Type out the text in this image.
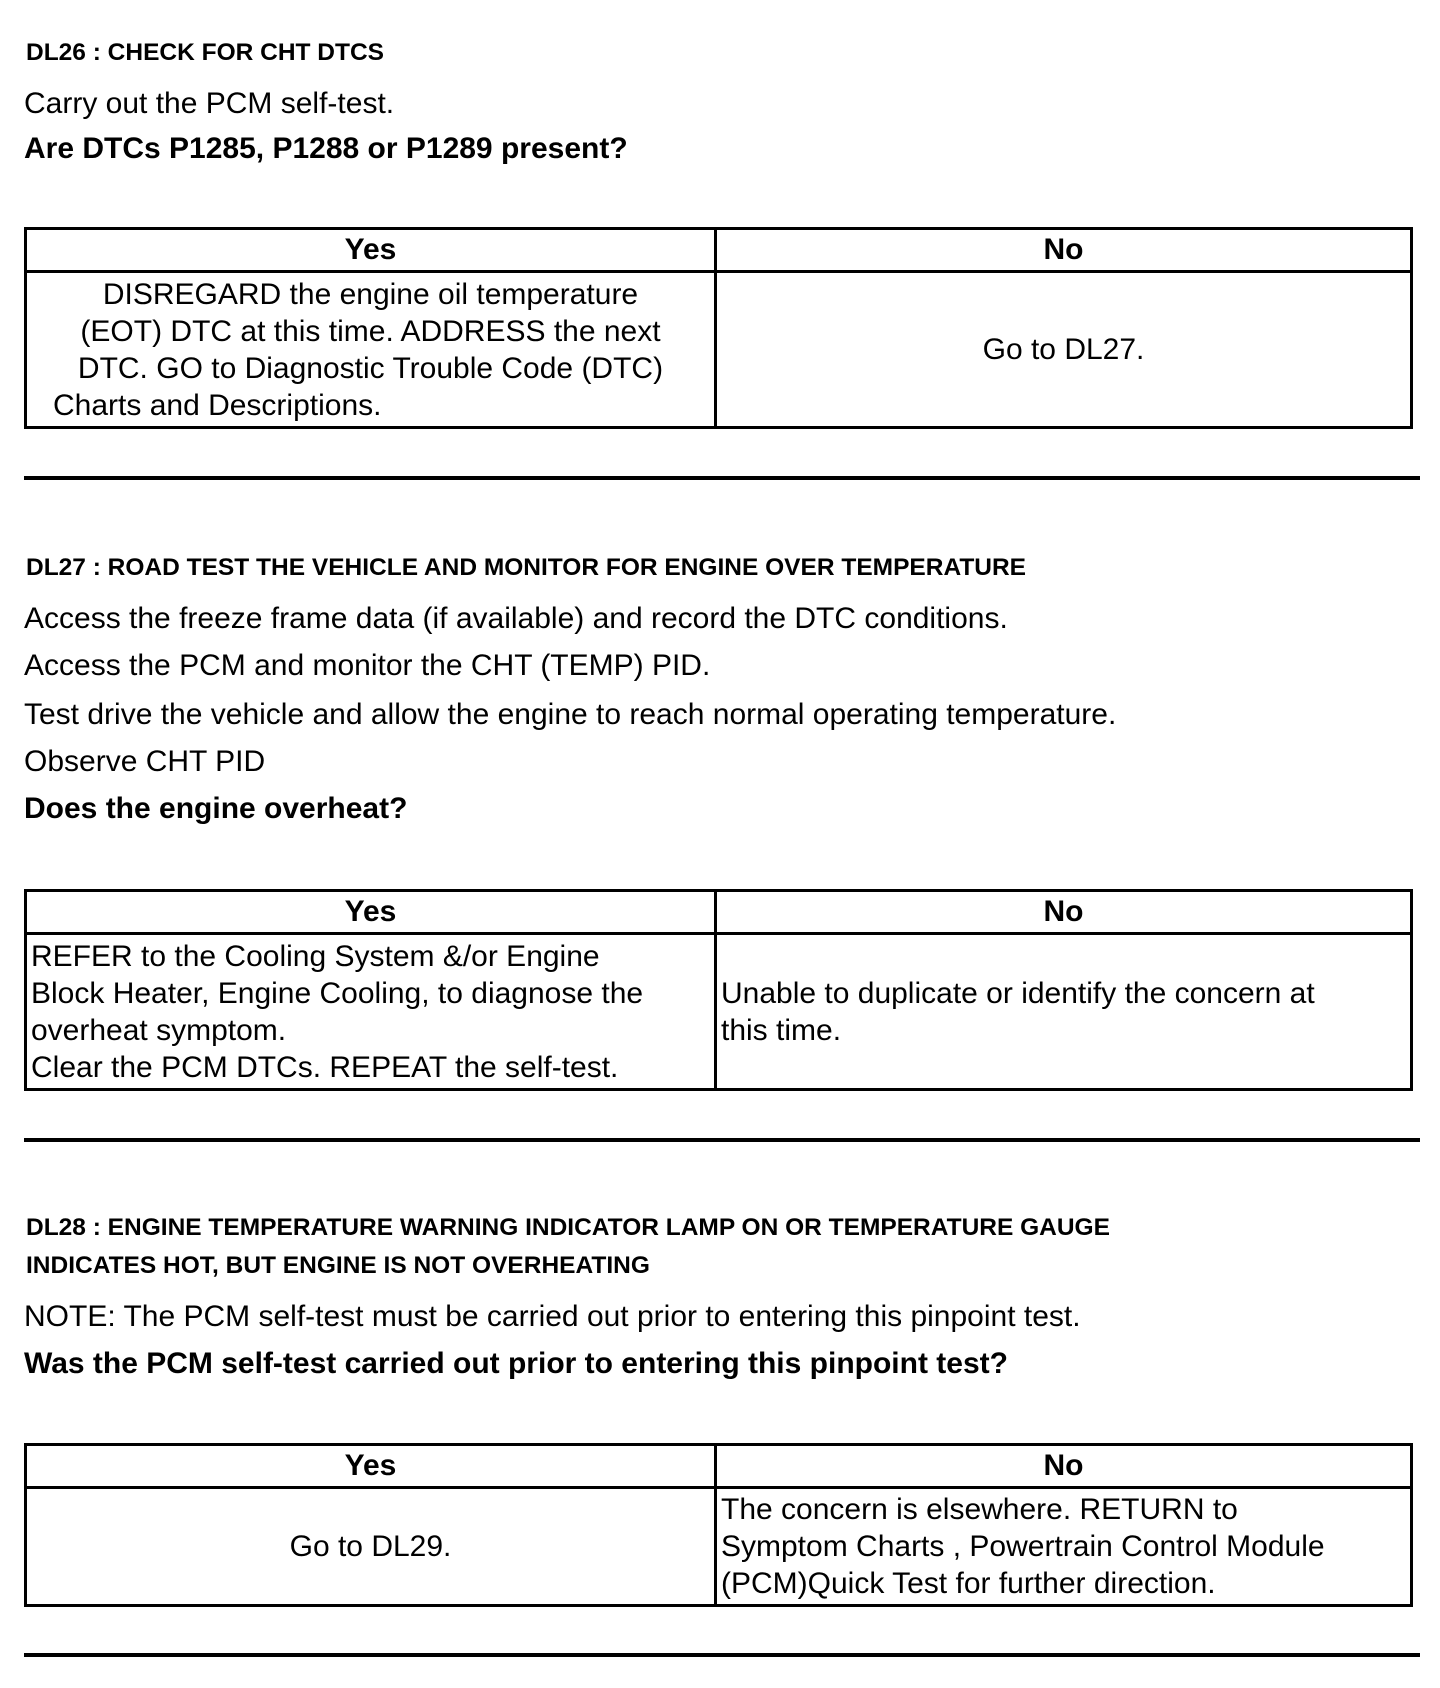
DL26 : CHECK FOR CHT DTCS

Carry out the PCM self-test.

Are DTCs P1285, P1288 or P1289 present?

Yes	No

DISREGARD the engine oil temperature
(EOT) DTC at this time. ADDRESS the next
DTC. GO to Diagnostic Trouble Code (DTC)
Charts and Descriptions.	Go to DL27.

DL27 : ROAD TEST THE VEHICLE AND MONITOR FOR ENGINE OVER TEMPERATURE

Access the freeze frame data (if available) and record the DTC conditions.

Access the PCM and monitor the CHT (TEMP) PID.

Test drive the vehicle and allow the engine to reach normal operating temperature.

Observe CHT PID

Does the engine overheat?

Yes	No

REFER to the Cooling System &/or Engine
Block Heater, Engine Cooling, to diagnose the
overheat symptom.
Clear the PCM DTCs. REPEAT the self-test.	Unable to duplicate or identify the concern at
this time.

DL28 : ENGINE TEMPERATURE WARNING INDICATOR LAMP ON OR TEMPERATURE GAUGE

INDICATES HOT, BUT ENGINE IS NOT OVERHEATING

NOTE: The PCM self-test must be carried out prior to entering this pinpoint test.

Was the PCM self-test carried out prior to entering this pinpoint test?

Yes	No

Go to DL29.	The concern is elsewhere. RETURN to
Symptom Charts , Powertrain Control Module
(PCM)Quick Test for further direction.
